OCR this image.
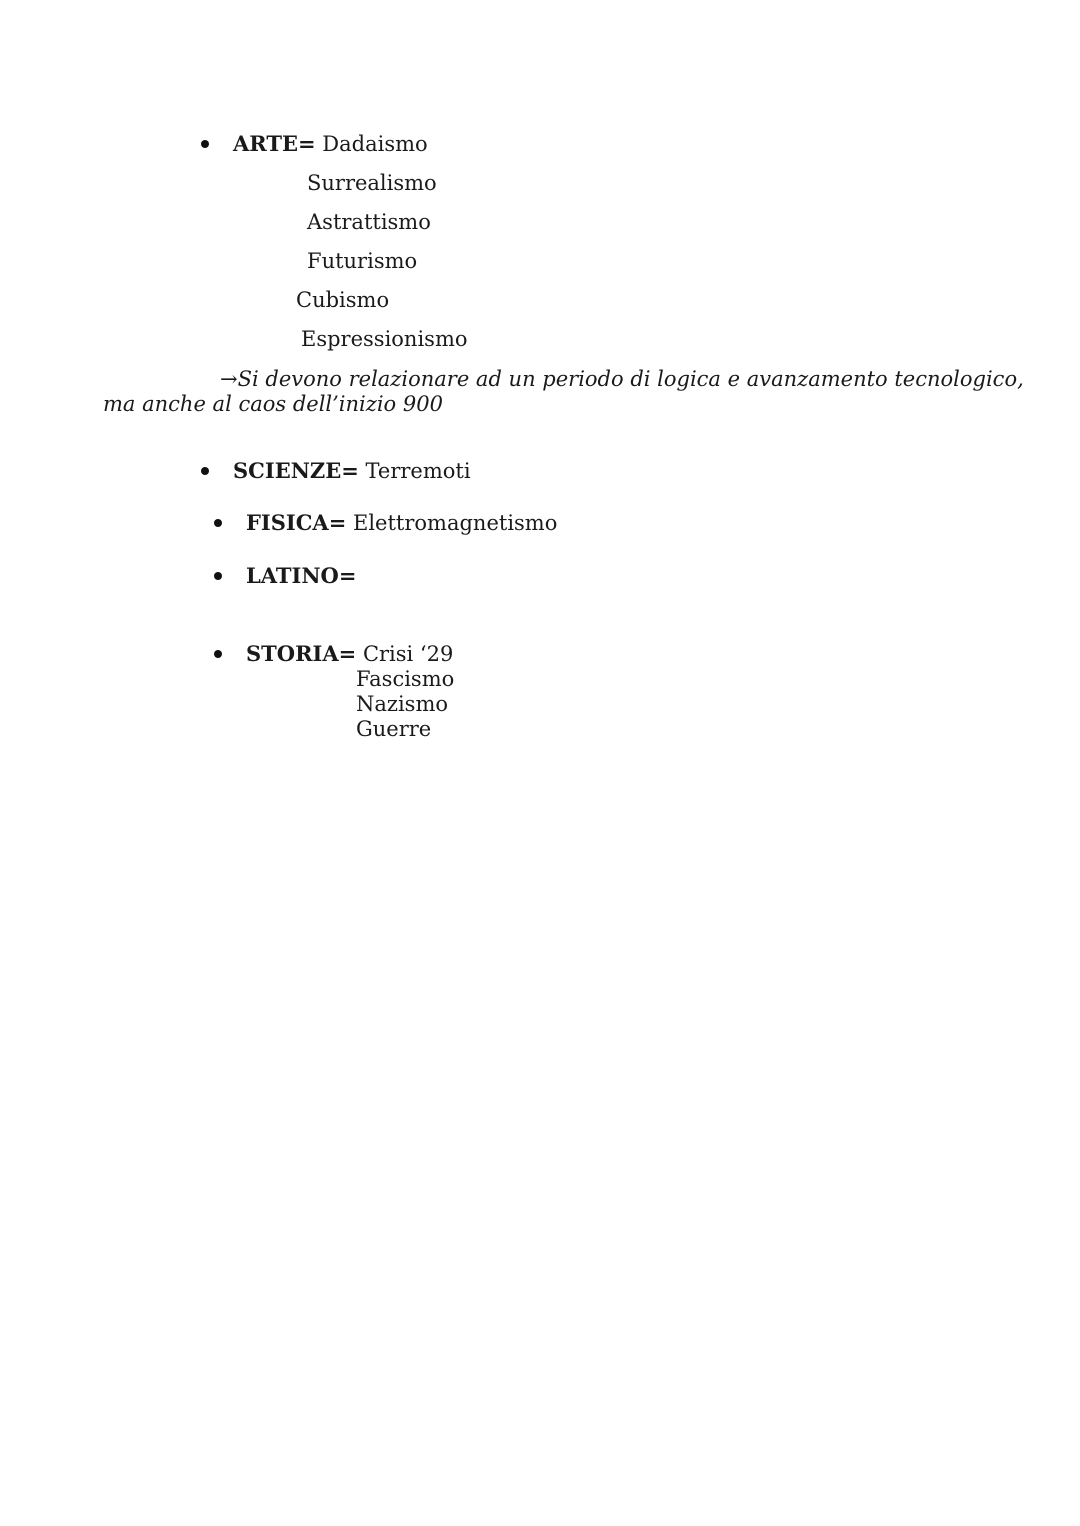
ARTE= Dadaismo
Surrealismo
Astrattismo
Futurismo
Cubismo
Espressionismo
→Si devono relazionare ad un periodo di logica e avanzamento tecnologico,
ma anche al caos dell’inizio 900
SCIENZE= Terremoti
FISICA= Elettromagnetismo
LATINO=
STORIA= Crisi ‘29
Fascismo
Nazismo
Guerre
